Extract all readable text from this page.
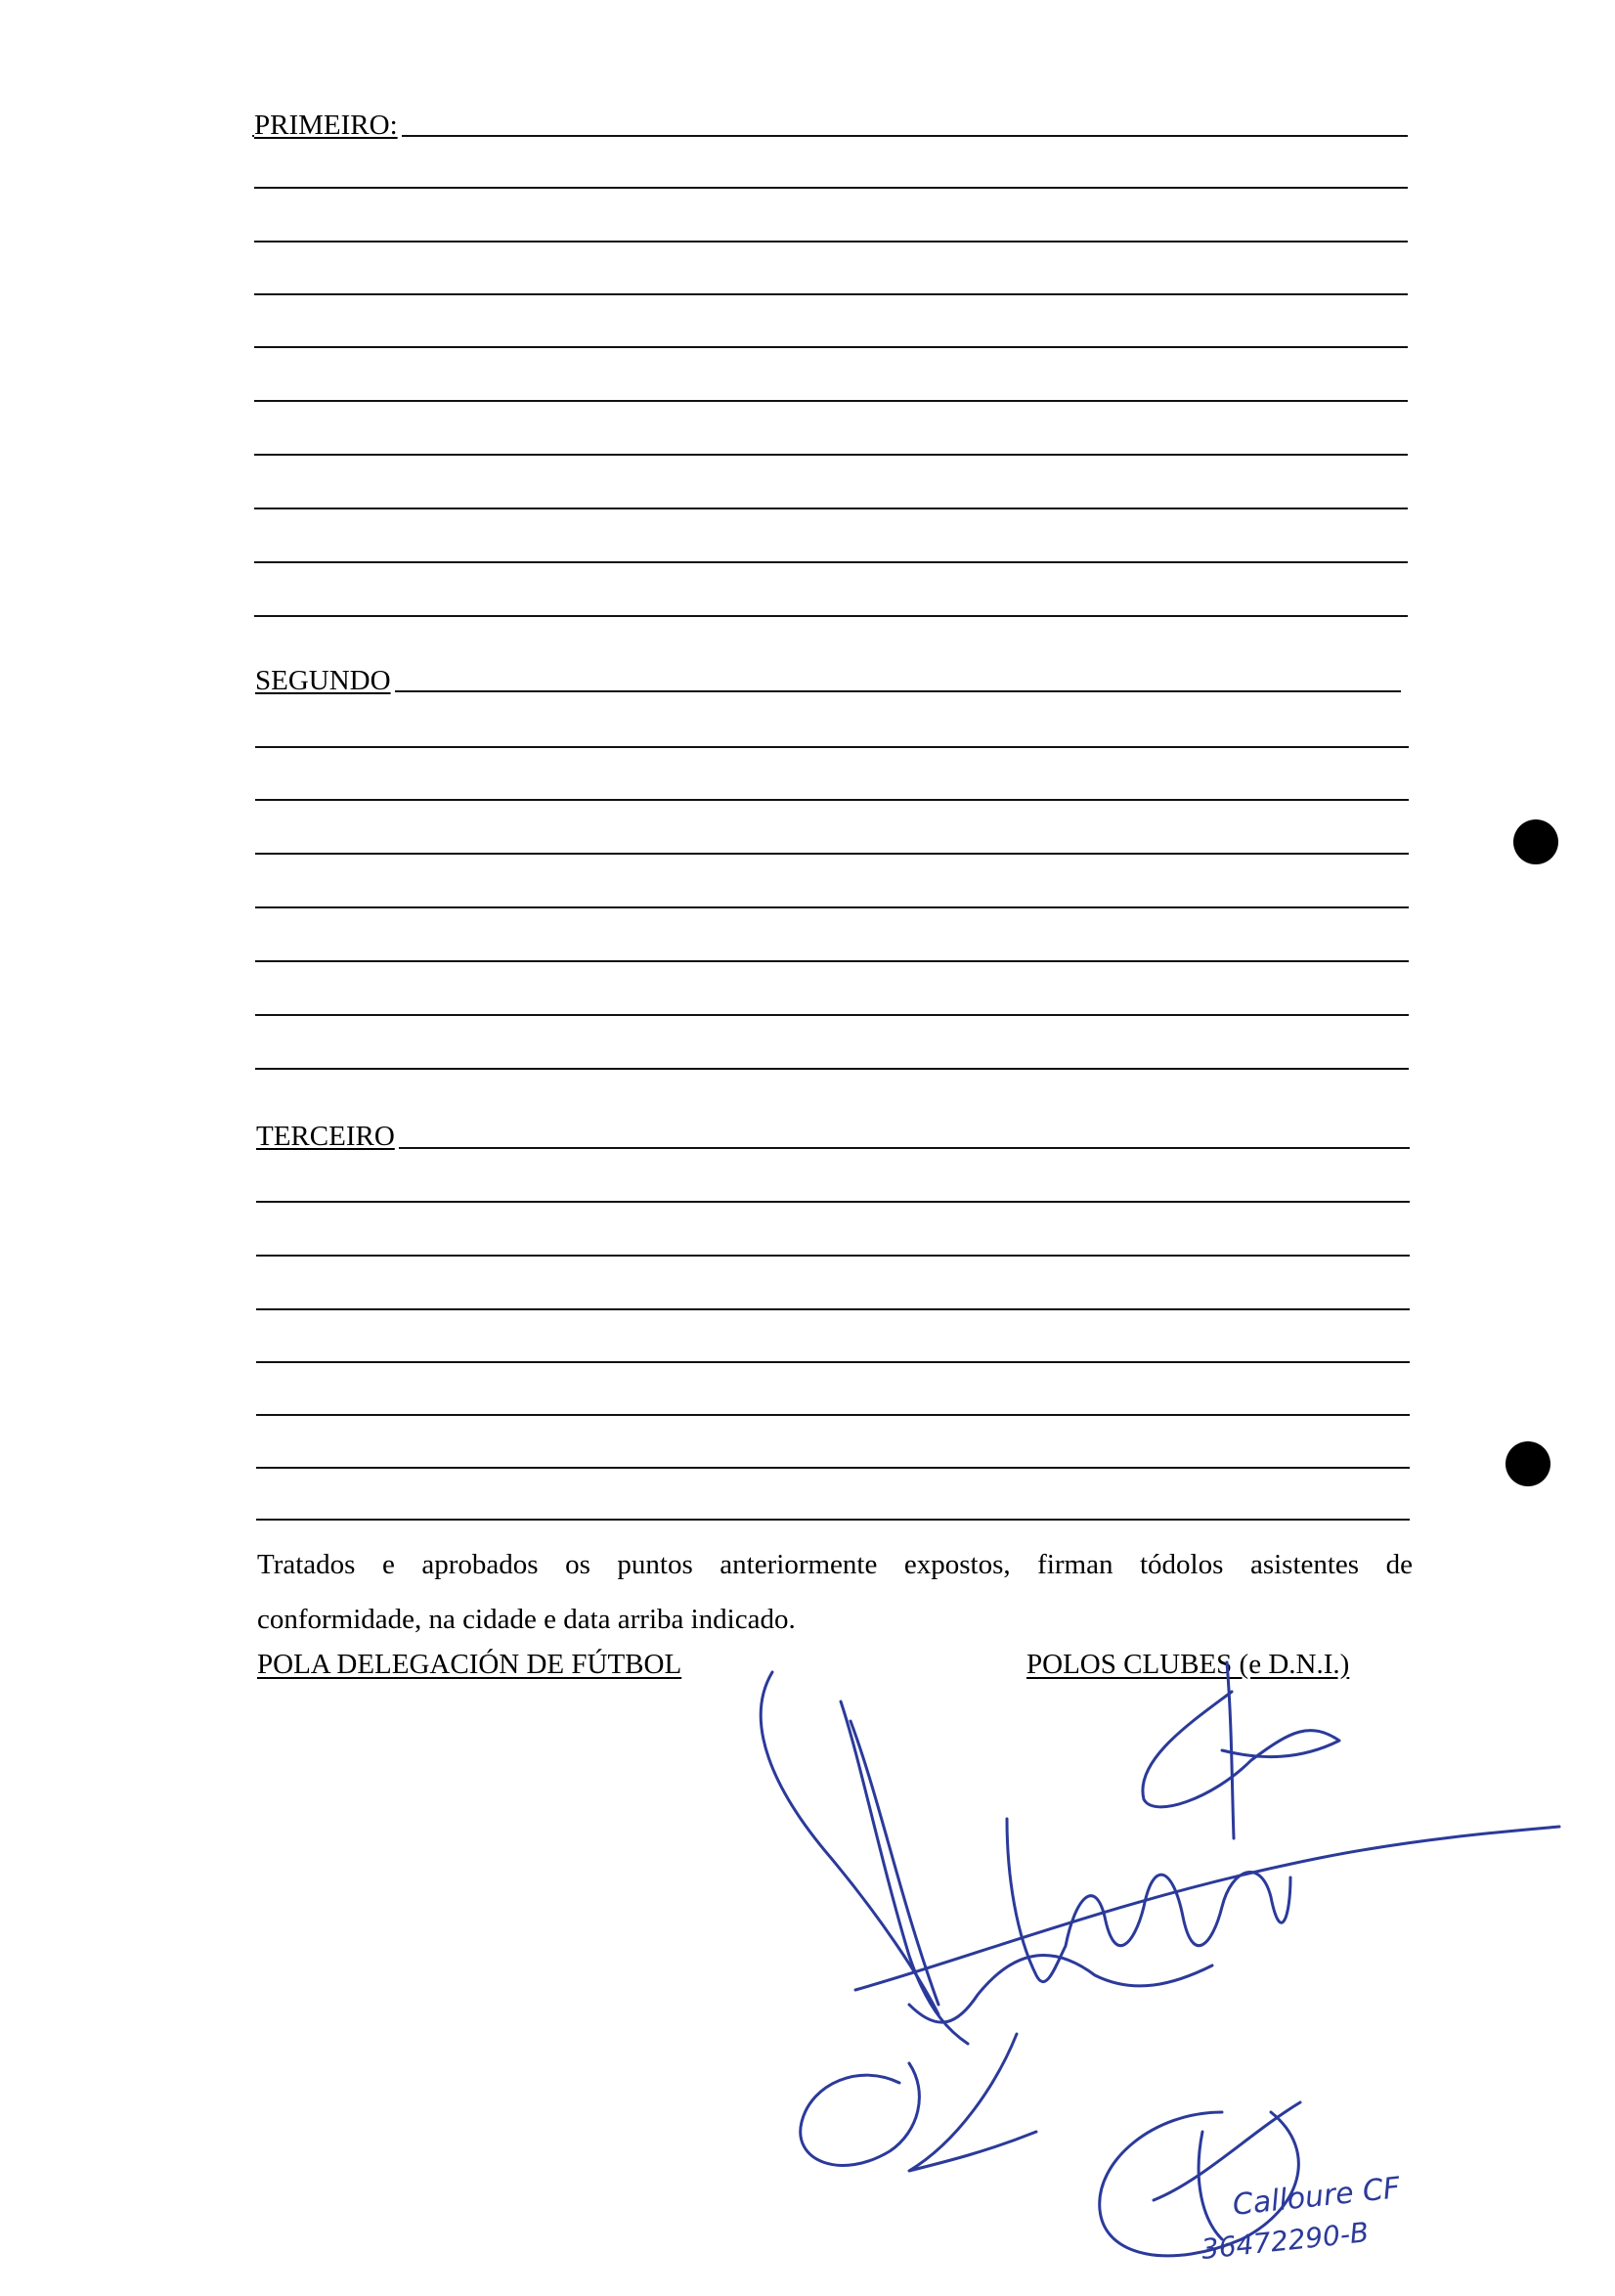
PRIMEIRO:
SEGUNDO
TERCEIRO
Tratados e aprobados os puntos anteriormente expostos, firman tódolos asistentes de
conformidade, na cidade e data arriba indicado.
POLA DELEGACIÓN DE FÚTBOL	POLOS CLUBES (e D.N.I.)
Calloure CF
36472290-B
